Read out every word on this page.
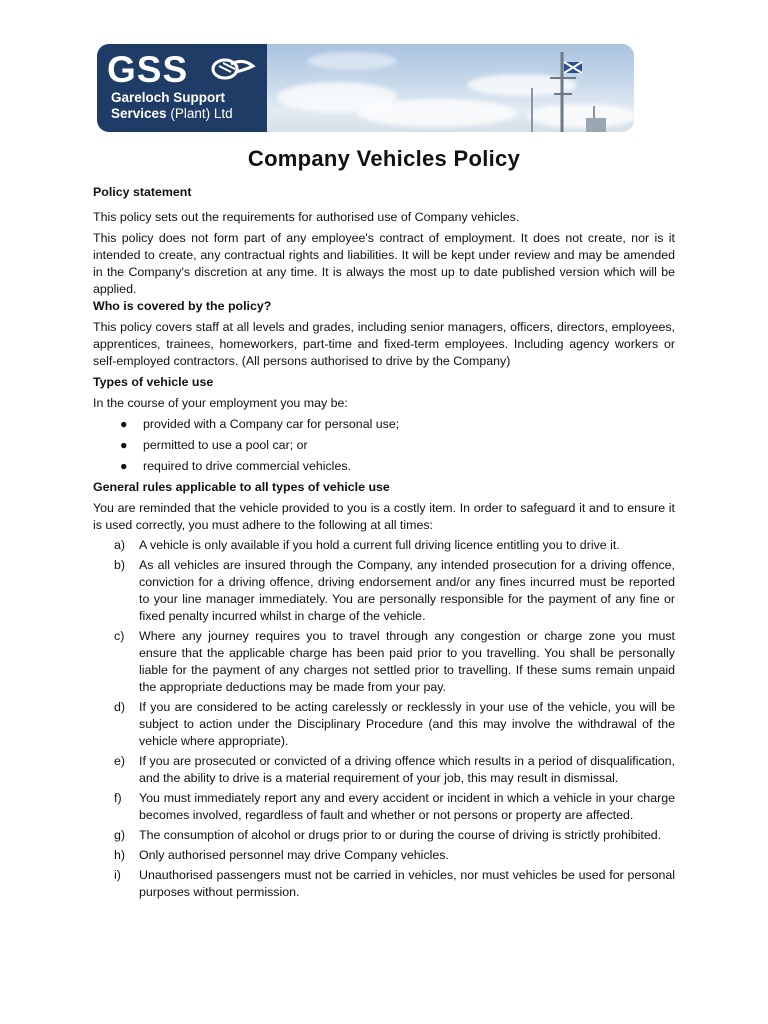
GSS
Gareloch Support
Services (Plant) Ltd
Company Vehicles Policy

Policy statement

This policy sets out the requirements for authorised use of Company vehicles.

This policy does not form part of any employee's contract of employment. It does not create, nor is it intended to create, any contractual rights and liabilities. It will be kept under review and may be amended in the Company's discretion at any time. It is always the most up to date published version which will be applied.

Who is covered by the policy?

This policy covers staff at all levels and grades, including senior managers, officers, directors, employees, apprentices, trainees, homeworkers, part-time and fixed-term employees. Including agency workers or self-employed contractors. (All persons authorised to drive by the Company)

Types of vehicle use

In the course of your employment you may be:

● provided with a Company car for personal use;
● permitted to use a pool car; or
● required to drive commercial vehicles.

General rules applicable to all types of vehicle use

You are reminded that the vehicle provided to you is a costly item. In order to safeguard it and to ensure it is used correctly, you must adhere to the following at all times:

a) A vehicle is only available if you hold a current full driving licence entitling you to drive it.
b) As all vehicles are insured through the Company, any intended prosecution for a driving offence, conviction for a driving offence, driving endorsement and/or any fines incurred must be reported to your line manager immediately. You are personally responsible for the payment of any fine or fixed penalty incurred whilst in charge of the vehicle.
c) Where any journey requires you to travel through any congestion or charge zone you must ensure that the applicable charge has been paid prior to you travelling. You shall be personally liable for the payment of any charges not settled prior to travelling. If these sums remain unpaid the appropriate deductions may be made from your pay.
d) If you are considered to be acting carelessly or recklessly in your use of the vehicle, you will be subject to action under the Disciplinary Procedure (and this may involve the withdrawal of the vehicle where appropriate).
e) If you are prosecuted or convicted of a driving offence which results in a period of disqualification, and the ability to drive is a material requirement of your job, this may result in dismissal.
f) You must immediately report any and every accident or incident in which a vehicle in your charge becomes involved, regardless of fault and whether or not persons or property are affected.
g) The consumption of alcohol or drugs prior to or during the course of driving is strictly prohibited.
h) Only authorised personnel may drive Company vehicles.
i) Unauthorised passengers must not be carried in vehicles, nor must vehicles be used for personal purposes without permission.
